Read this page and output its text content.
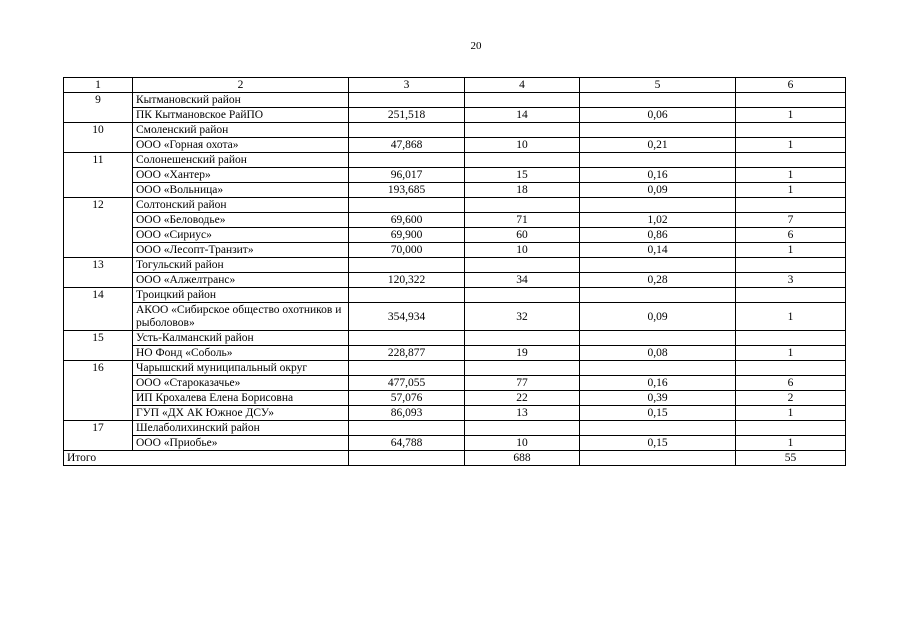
20
1	2	3	4	5	6
9	Кытмановский район				
	ПК Кытмановское РайПО	251,518	14	0,06	1
10	Смоленский район				
	ООО «Горная охота»	47,868	10	0,21	1
11	Солонешенский район				
	ООО «Хантер»	96,017	15	0,16	1
	ООО «Вольница»	193,685	18	0,09	1
12	Солтонский район				
	ООО «Беловодье»	69,600	71	1,02	7
	ООО «Сириус»	69,900	60	0,86	6
	ООО «Лесопт-Транзит»	70,000	10	0,14	1
13	Тогульский район				
	ООО «Алжелтранс»	120,322	34	0,28	3
14	Троицкий район				
	АКОО «Сибирское общество охотников и рыболовов»	354,934	32	0,09	1
15	Усть-Калманский район				
	НО Фонд «Соболь»	228,877	19	0,08	1
16	Чарышский муниципальный округ				
	ООО «Староказачье»	477,055	77	0,16	6
	ИП Крохалева Елена Борисовна	57,076	22	0,39	2
	ГУП «ДХ АК Южное ДСУ»	86,093	13	0,15	1
17	Шелаболихинский район				
	ООО «Приобье»	64,788	10	0,15	1
Итого			688		55
